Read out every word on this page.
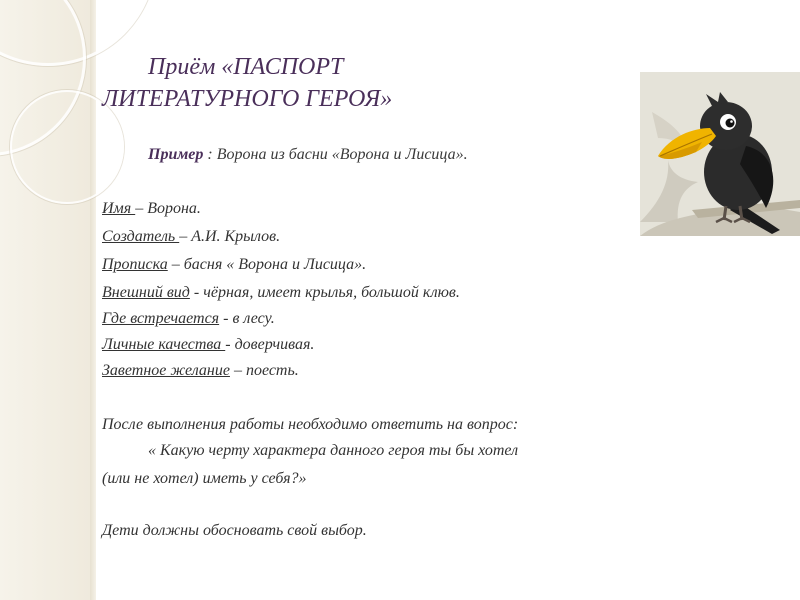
Приём «ПАСПОРТ
ЛИТЕРАТУРНОГО ГЕРОЯ»
Пример : Ворона из басни «Ворона и Лисица».
Имя – Ворона.
Создатель – А.И. Крылов.
Прописка – басня « Ворона и Лисица».
Внешний вид - чёрная, имеет крылья, большой клюв.
Где встречается - в лесу.
Личные качества - доверчивая.
Заветное желание – поесть.
После выполнения работы необходимо ответить на вопрос:
« Какую черту характера данного героя ты бы хотел
(или не хотел) иметь у себя?»
Дети должны обосновать свой выбор.
